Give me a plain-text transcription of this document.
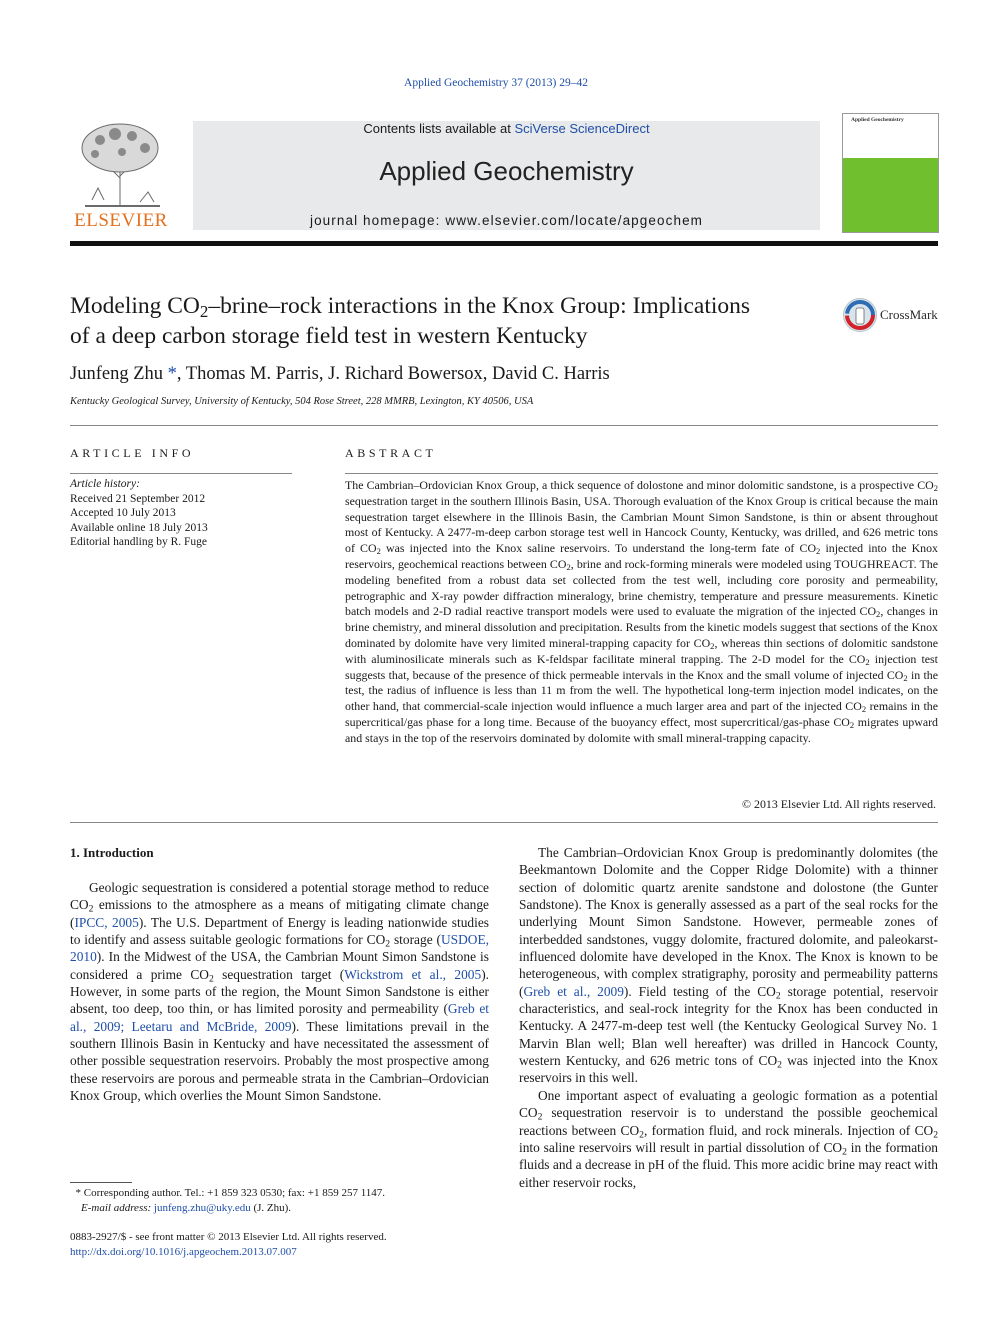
Applied Geochemistry 37 (2013) 29–42
ELSEVIER
Contents lists available at SciVerse ScienceDirect
Applied Geochemistry
journal homepage: www.elsevier.com/locate/apgeochem
Applied Geochemistry
Modeling $CO_2-brine$–rock interactions in the Knox Group: Implications
of a deep carbon storage field test in western Kentucky
CrossMark
Junfeng Zhu *, Thomas M. Parris, J. Richard Bowersox, David C. Harris
Kentucky Geological Survey, University of Kentucky, 504 Rose Street, 228 MMRB, Lexington, KY 40506, USA
ARTICLE INFO
Article history:
Received 21 September 2012
Accepted 10 July 2013
Available online 18 July 2013
Editorial handling by R. Fuge
ABSTRACT
The Cambrian–Ordovician Knox Group, a thick sequence of dolostone and minor dolomitic sandstone, is a prospective $CO_2$ sequestration target in the southern Illinois Basin, USA. Thorough evaluation of the Knox Group is critical because the main sequestration target elsewhere in the Illinois Basin, the Cambrian Mount Simon Sandstone, is thin or absent throughout most of Kentucky. A 2477-m-deep carbon storage test well in Hancock County, Kentucky, was drilled, and 626 metric tons of $CO_2$ was injected into the Knox saline reservoirs. To understand the long-term fate of $CO_2$ injected into the Knox reservoirs, geochemical reactions between $CO_2$, brine and rock-forming minerals were modeled using TOUGHREACT. The modeling benefited from a robust data set collected from the test well, including core porosity and permeability, petrographic and X-ray powder diffraction mineralogy, brine chemistry, temperature and pressure measurements. Kinetic batch models and 2-D radial reactive transport models were used to evaluate the migration of the injected $CO_2$, changes in brine chemistry, and mineral dissolution and precipitation. Results from the kinetic models suggest that sections of the Knox dominated by dolomite have very limited mineral-trapping capacity for $CO_2$, whereas thin sections of dolomitic sandstone with aluminosilicate minerals such as K-feldspar facilitate mineral trapping. The 2-D model for the $CO_2$ injection test suggests that, because of the presence of thick permeable intervals in the Knox and the small volume of injected $CO_2$ in the test, the radius of influence is less than 11 m from the well. The hypothetical long-term injection model indicates, on the other hand, that commercial-scale injection would influence a much larger area and part of the injected $CO_2$ remains in the supercritical/gas phase for a long time. Because of the buoyancy effect, most supercritical/gas-phase $CO_2$ migrates upward and stays in the top of the reservoirs dominated by dolomite with small mineral-trapping capacity.
© 2013 Elsevier Ltd. All rights reserved.
1. Introduction

Geologic sequestration is considered a potential storage method to reduce $CO_2$ emissions to the atmosphere as a means of mitigating climate change (IPCC, 2005). The U.S. Department of Energy is leading nationwide studies to identify and assess suitable geologic formations for $CO_2$ storage (USDOE, 2010). In the Midwest of the USA, the Cambrian Mount Simon Sandstone is considered a prime $CO_2$ sequestration target (Wickstrom et al., 2005). However, in some parts of the region, the Mount Simon Sandstone is either absent, too deep, too thin, or has limited porosity and permeability (Greb et al., 2009; Leetaru and McBride, 2009). These limitations prevail in the southern Illinois Basin in Kentucky and have necessitated the assessment of other possible sequestration reservoirs. Probably the most prospective among these reservoirs are porous and permeable strata in the Cambrian–Ordovician Knox Group, which overlies the Mount Simon Sandstone.

The Cambrian–Ordovician Knox Group is predominantly dolomites (the Beekmantown Dolomite and the Copper Ridge Dolomite) with a thinner section of dolomitic quartz arenite sandstone and dolostone (the Gunter Sandstone). The Knox is generally assessed as a part of the seal rocks for the underlying Mount Simon Sandstone. However, permeable zones of interbedded sandstones, vuggy dolomite, fractured dolomite, and paleokarst-influenced dolomite have developed in the Knox. The Knox is known to be heterogeneous, with complex stratigraphy, porosity and permeability patterns (Greb et al., 2009). Field testing of the $CO_2$ storage potential, reservoir characteristics, and seal-rock integrity for the Knox has been conducted in Kentucky. A 2477-m-deep test well (the Kentucky Geological Survey No. 1 Marvin Blan well; Blan well hereafter) was drilled in Hancock County, western Kentucky, and 626 metric tons of $CO_2$ was injected into the Knox reservoirs in this well.

One important aspect of evaluating a geologic formation as a potential $CO_2$ sequestration reservoir is to understand the possible geochemical reactions between $CO_2$, formation fluid, and rock minerals. Injection of $CO_2$ into saline reservoirs will result in partial dissolution of $CO_2$ in the formation fluids and a decrease in pH of the fluid. This more acidic brine may react with either reservoir rocks,

* Corresponding author. Tel.: +1 859 323 0530; fax: +1 859 257 1147.
E-mail address: junfeng.zhu@uky.edu (J. Zhu).
0883-2927/$ - see front matter © 2013 Elsevier Ltd. All rights reserved.
http://dx.doi.org/10.1016/j.apgeochem.2013.07.007
